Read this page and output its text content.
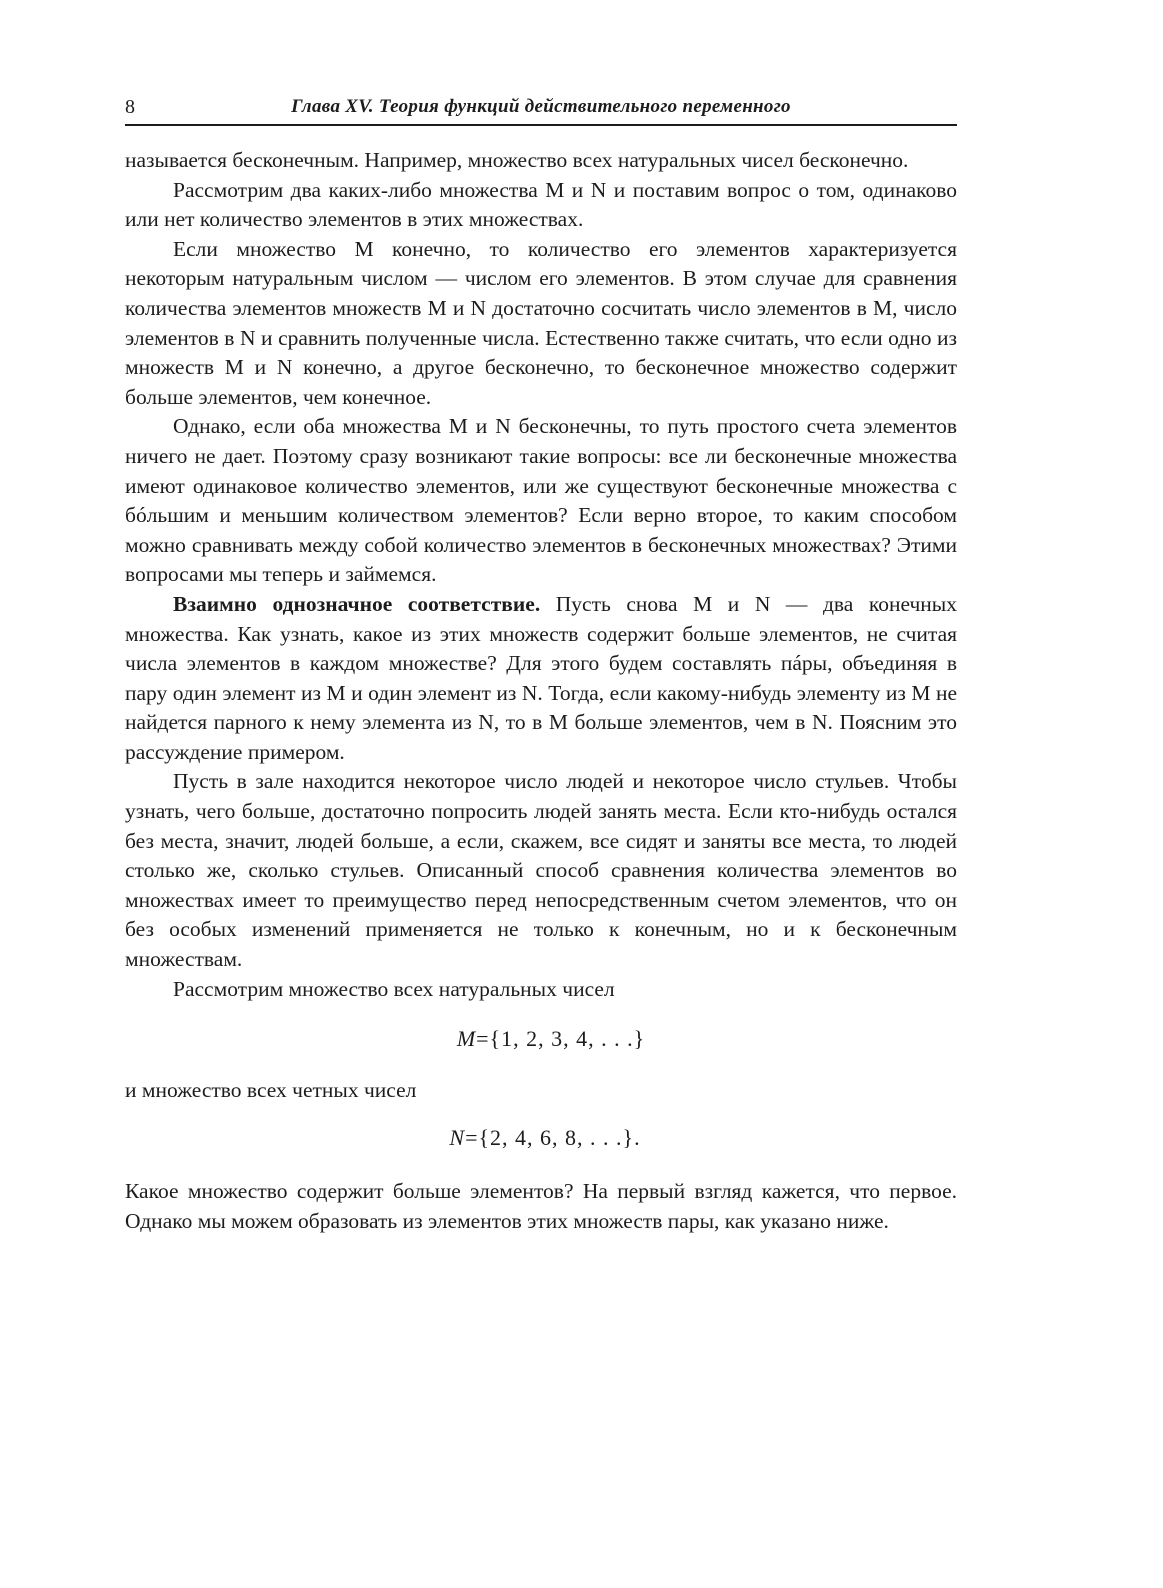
8	Глава XV. Теория функций действительного переменного

называется бесконечным. Например, множество всех натуральных чисел бесконечно.

Рассмотрим два каких-либо множества M и N и поставим вопрос о том, одинаково или нет количество элементов в этих множествах.

Если множество M конечно, то количество его элементов характеризуется некоторым натуральным числом — числом его элементов. В этом случае для сравнения количества элементов множеств M и N достаточно сосчитать число элементов в M, число элементов в N и сравнить полученные числа. Естественно также считать, что если одно из множеств M и N конечно, а другое бесконечно, то бесконечное множество содержит больше элементов, чем конечное.

Однако, если оба множества M и N бесконечны, то путь простого счета элементов ничего не дает. Поэтому сразу возникают такие вопросы: все ли бесконечные множества имеют одинаковое количество элементов, или же существуют бесконечные множества с бóльшим и меньшим количеством элементов? Если верно второе, то каким способом можно сравнивать между собой количество элементов в бесконечных множествах? Этими вопросами мы теперь и займемся.

Взаимно однозначное соответствие. Пусть снова M и N — два конечных множества. Как узнать, какое из этих множеств содержит больше элементов, не считая числа элементов в каждом множестве? Для этого будем составлять пáры, объединяя в пару один элемент из M и один элемент из N. Тогда, если какому-нибудь элементу из M не найдется парного к нему элемента из N, то в M больше элементов, чем в N. Поясним это рассуждение примером.

Пусть в зале находится некоторое число людей и некоторое число стульев. Чтобы узнать, чего больше, достаточно попросить людей занять места. Если кто-нибудь остался без места, значит, людей больше, а если, скажем, все сидят и заняты все места, то людей столько же, сколько стульев. Описанный способ сравнения количества элементов во множествах имеет то преимущество перед непосредственным счетом элементов, что он без особых изменений применяется не только к конечным, но и к бесконечным множествам.

Рассмотрим множество всех натуральных чисел

M={1, 2, 3, 4, . . .}

и множество всех четных чисел

N={2, 4, 6, 8, . . .}.

Какое множество содержит больше элементов? На первый взгляд кажется, что первое. Однако мы можем образовать из элементов этих множеств пары, как указано ниже.
